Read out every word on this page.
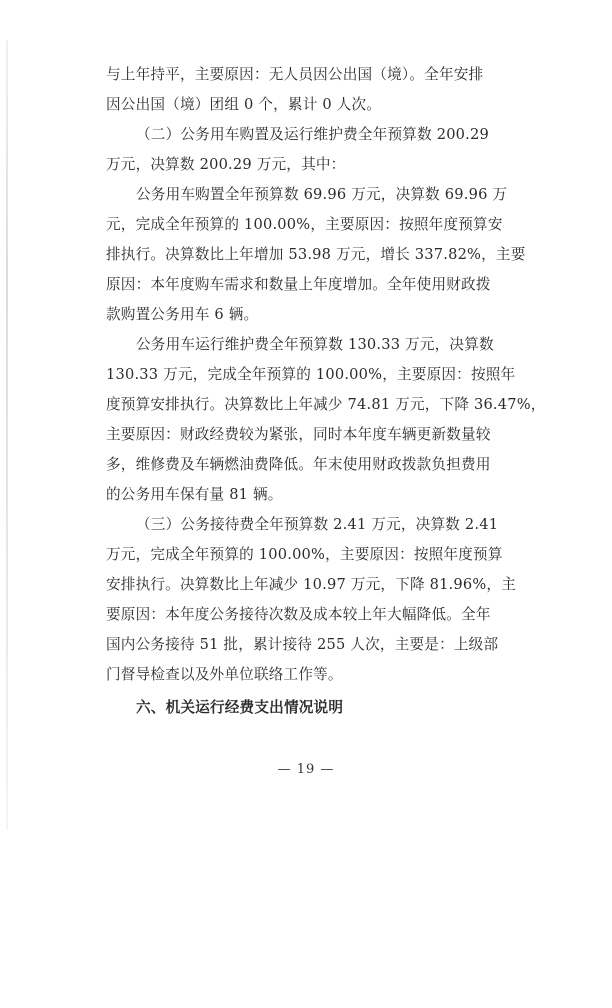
与上年持平，主要原因：无人员因公出国（境）。全年安排
因公出国（境）团组 0 个，累计 0 人次。
（二）公务用车购置及运行维护费全年预算数 200.29
万元，决算数 200.29 万元，其中：
公务用车购置全年预算数 69.96 万元，决算数 69.96 万
元，完成全年预算的 100.00%，主要原因：按照年度预算安
排执行。决算数比上年增加 53.98 万元，增长 337.82%，主要
原因：本年度购车需求和数量上年度增加。全年使用财政拨
款购置公务用车 6 辆。
公务用车运行维护费全年预算数 130.33 万元，决算数
130.33 万元，完成全年预算的 100.00%，主要原因：按照年
度预算安排执行。决算数比上年减少 74.81 万元，下降 36.47%，
主要原因：财政经费较为紧张，同时本年度车辆更新数量较
多，维修费及车辆燃油费降低。年末使用财政拨款负担费用
的公务用车保有量 81 辆。
（三）公务接待费全年预算数 2.41 万元，决算数 2.41
万元，完成全年预算的 100.00%，主要原因：按照年度预算
安排执行。决算数比上年减少 10.97 万元，下降 81.96%，主
要原因：本年度公务接待次数及成本较上年大幅降低。全年
国内公务接待 51 批，累计接待 255 人次，主要是：上级部
门督导检查以及外单位联络工作等。
六、机关运行经费支出情况说明
— 19 —
